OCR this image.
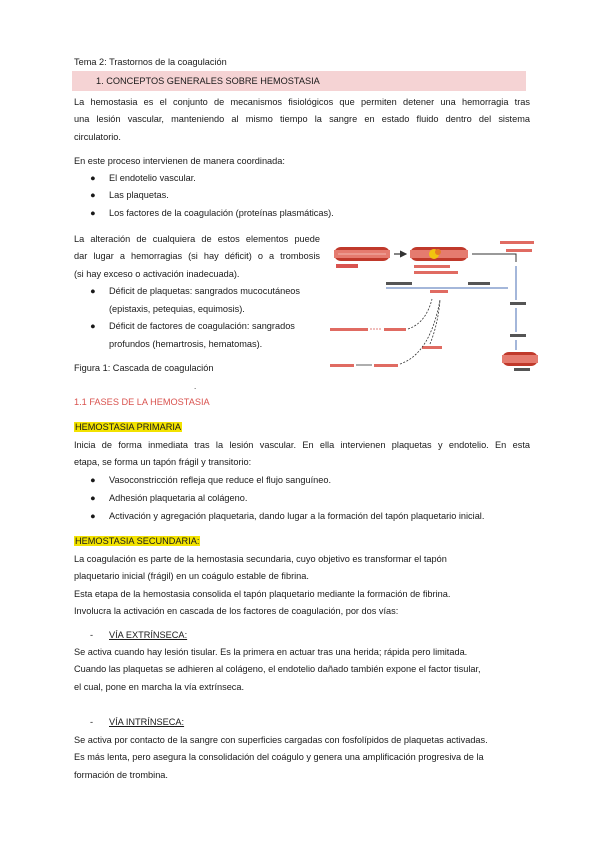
Tema 2: Trastornos de la coagulación
1. CONCEPTOS GENERALES SOBRE HEMOSTASIA
La hemostasia es el conjunto de mecanismos fisiológicos que permiten detener una hemorragia tras
una lesión vascular, manteniendo al mismo tiempo la sangre en estado fluido dentro del sistema
circulatorio.
En este proceso intervienen de manera coordinada:
● El endotelio vascular.
● Las plaquetas.
● Los factores de la coagulación (proteínas plasmáticas).
La alteración de cualquiera de estos elementos puede
dar lugar a hemorragias (si hay déficit) o a trombosis
(si hay exceso o activación inadecuada).
● Déficit de plaquetas: sangrados mucocutáneos
(epistaxis, petequias, equimosis).
● Déficit de factores de coagulación: sangrados
profundos (hemartrosis, hematomas).
Figura 1: Cascada de coagulación
.
1.1 FASES DE LA HEMOSTASIA
HEMOSTASIA PRIMARIA
Inicia de forma inmediata tras la lesión vascular. En ella intervienen plaquetas y endotelio. En esta
etapa, se forma un tapón frágil y transitorio:
● Vasoconstricción refleja que reduce el flujo sanguíneo.
● Adhesión plaquetaria al colágeno.
● Activación y agregación plaquetaria, dando lugar a la formación del tapón plaquetario inicial.
HEMOSTASIA SECUNDARIA:
La coagulación es parte de la hemostasia secundaria, cuyo objetivo es transformar el tapón
plaquetario inicial (frágil) en un coágulo estable de fibrina.
Esta etapa de la hemostasia consolida el tapón plaquetario mediante la formación de fibrina.
Involucra la activación en cascada de los factores de coagulación, por dos vías:
- VÍA EXTRÍNSECA:
Se activa cuando hay lesión tisular. Es la primera en actuar tras una herida; rápida pero limitada.
Cuando las plaquetas se adhieren al colágeno, el endotelio dañado también expone el factor tisular,
el cual, pone en marcha la vía extrínseca.
- VÍA INTRÍNSECA:
Se activa por contacto de la sangre con superficies cargadas con fosfolípidos de plaquetas activadas.
Es más lenta, pero asegura la consolidación del coágulo y genera una amplificación progresiva de la
formación de trombina.
